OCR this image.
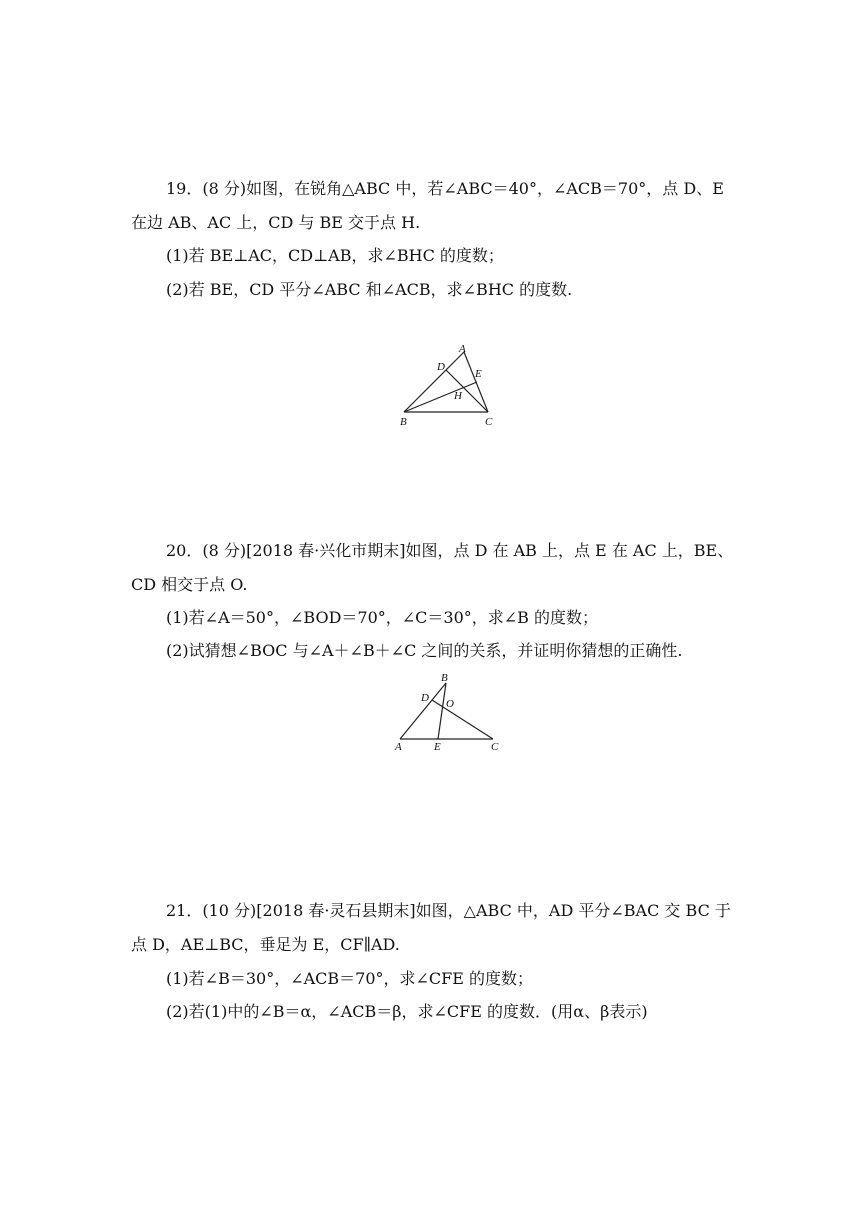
19．(8 分)如图，在锐角△ABC 中，若∠ABC＝40°，∠ACB＝70°，点 D、E
在边 AB、AC 上，CD 与 BE 交于点 H.
(1)若 BE⊥AC，CD⊥AB，求∠BHC 的度数；
(2)若 BE，CD 平分∠ABC 和∠ACB，求∠BHC 的度数.
A
D
E
H
B	C
20．(8 分)[2018 春·兴化市期末]如图，点 D 在 AB 上，点 E 在 AC 上，BE、
CD 相交于点 O.
(1)若∠A＝50°，∠BOD＝70°，∠C＝30°，求∠B 的度数；
(2)试猜想∠BOC 与∠A＋∠B＋∠C 之间的关系，并证明你猜想的正确性.
B
D O
A	E	C
21．(10 分)[2018 春·灵石县期末]如图，△ABC 中，AD 平分∠BAC 交 BC 于
点 D，AE⊥BC，垂足为 E，CF∥AD.
(1)若∠B＝30°，∠ACB＝70°，求∠CFE 的度数；
(2)若(1)中的∠B＝α，∠ACB＝β，求∠CFE 的度数．(用α、β表示)
